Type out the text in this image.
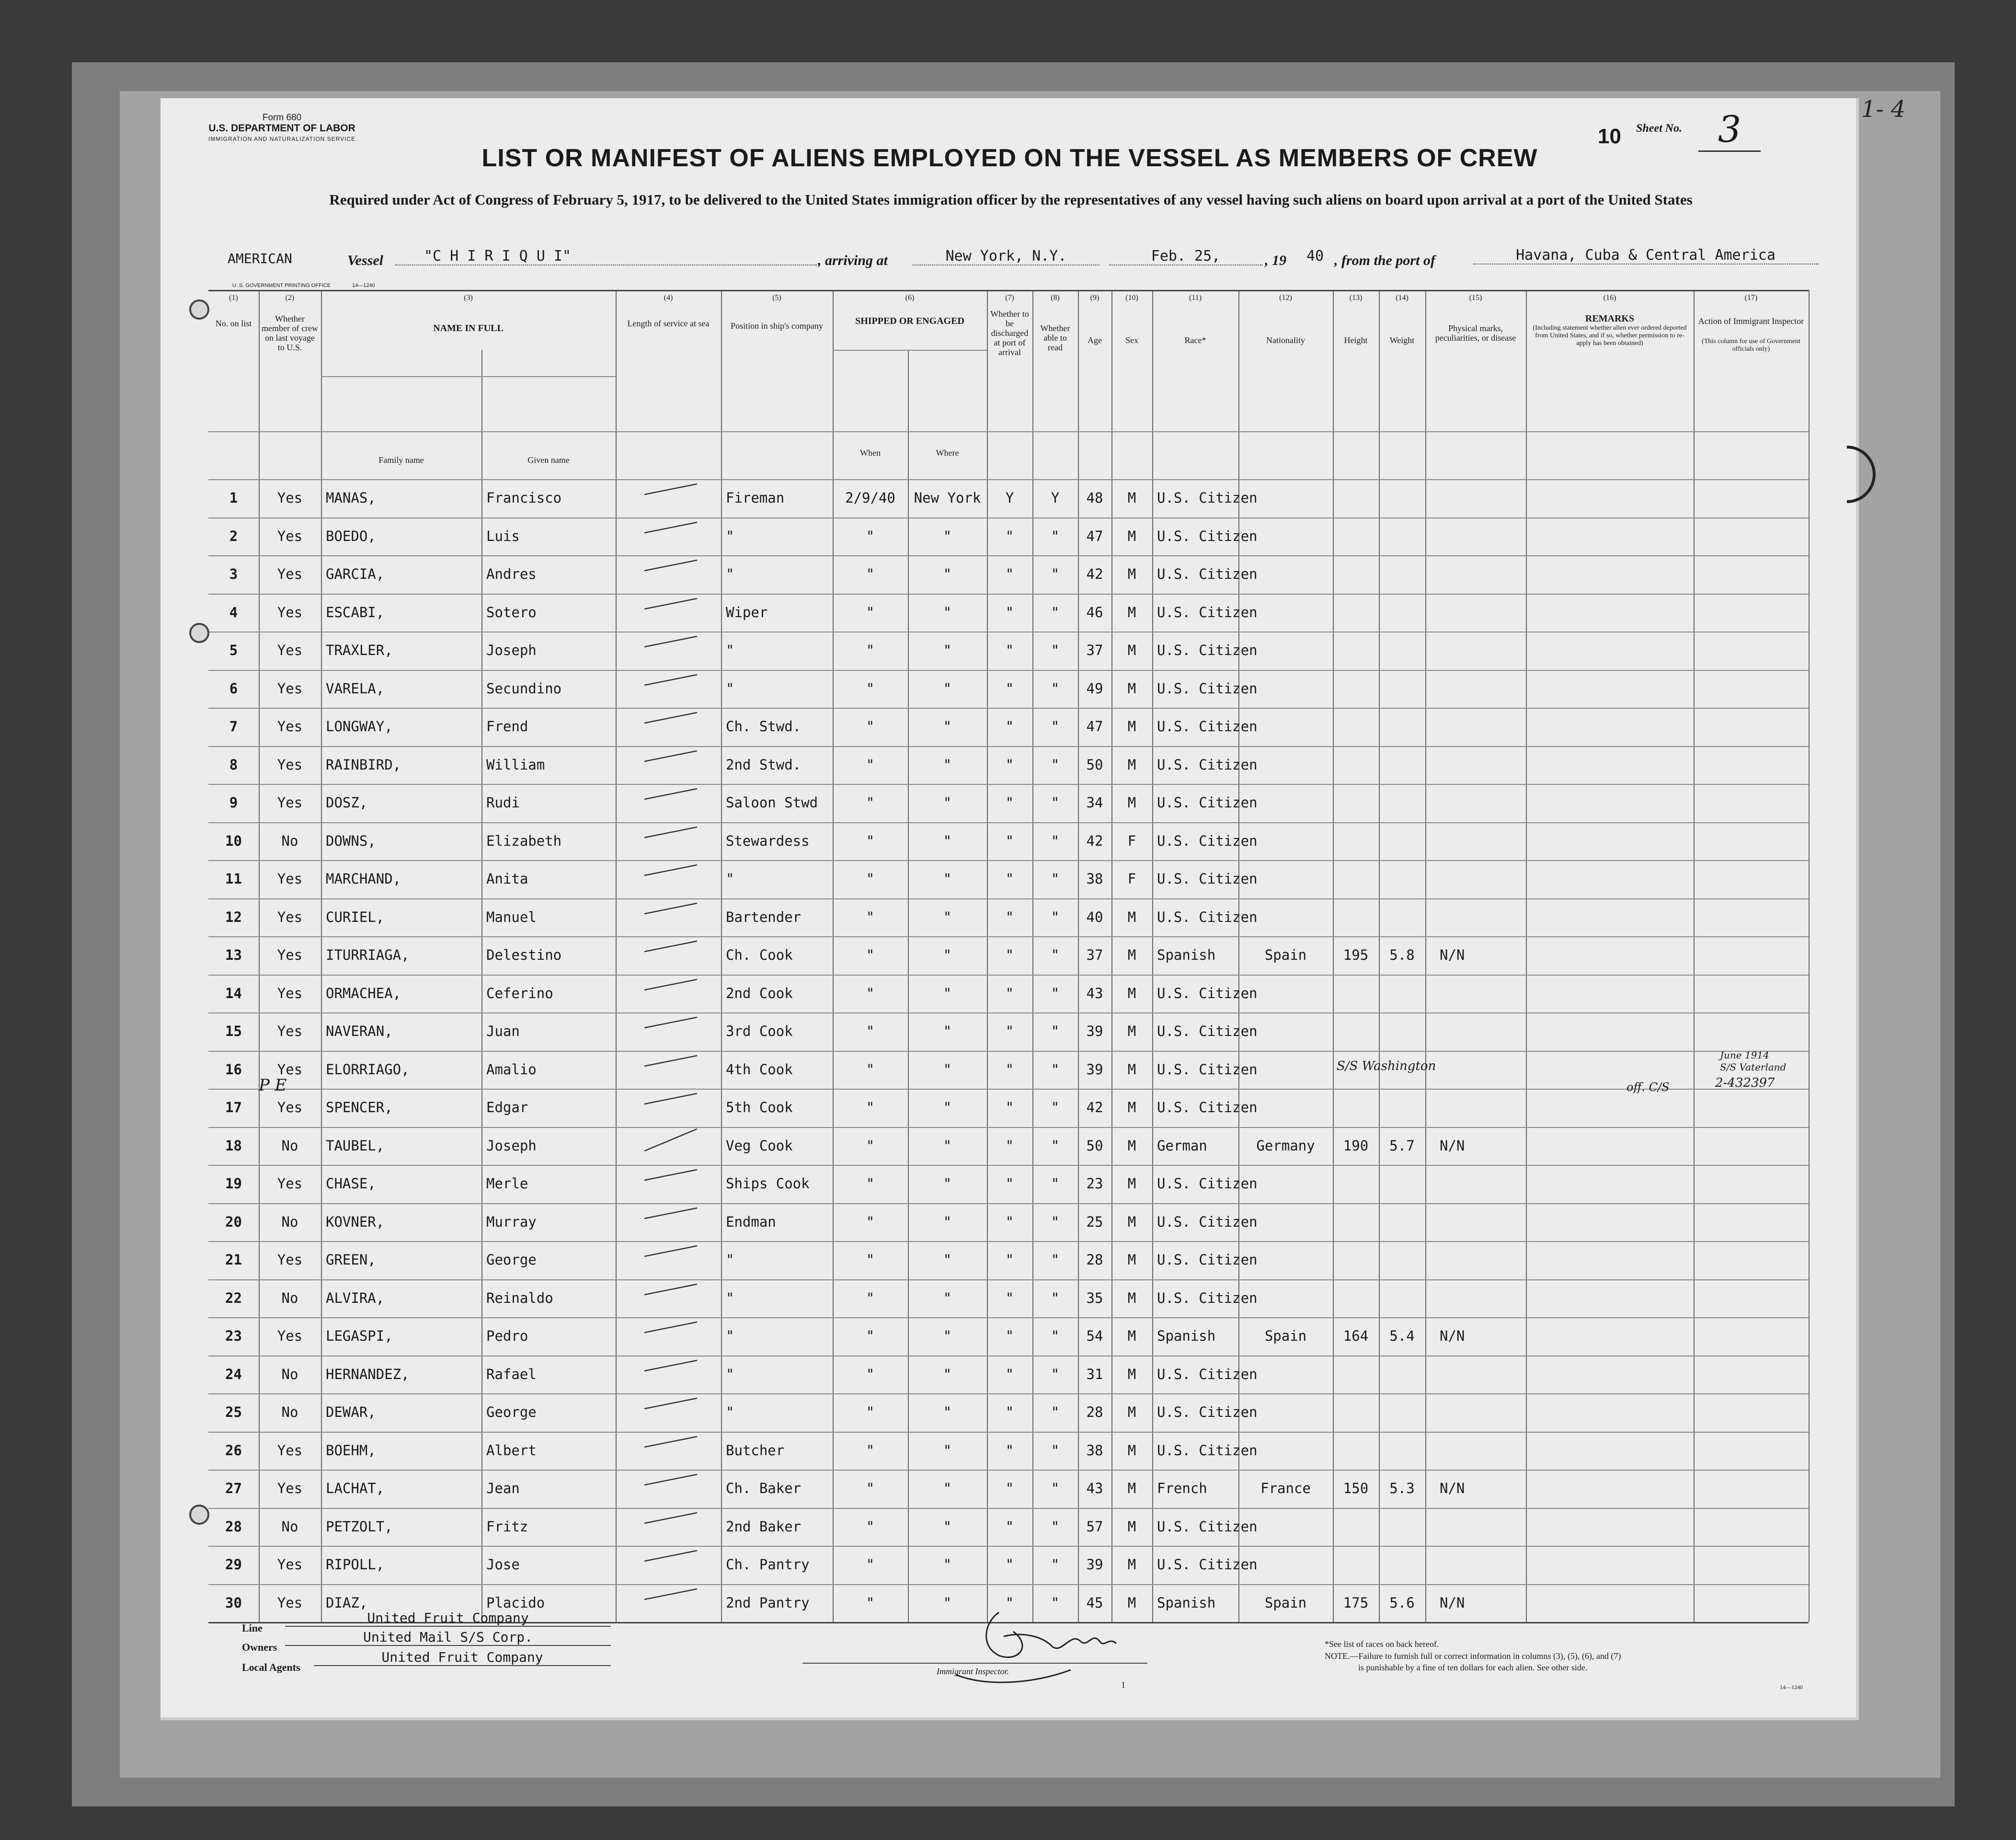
Form 680
U.S. DEPARTMENT OF LABOR
IMMIGRATION AND NATURALIZATION SERVICE	10 Sheet No. 3	1- 4
LIST OR MANIFEST OF ALIENS EMPLOYED ON THE VESSEL AS MEMBERS OF CREW
Required under Act of Congress of February 5, 1917, to be delivered to the United States immigration officer by the representatives of any vessel having such aliens on board upon arrival at a port of the United States
AMERICAN	Vessel	"C H I R I Q U I"	, arriving at	New York, N.Y.	Feb. 25,	, 19 40 , from the port of	Havana, Cuba & Central America
U. S. GOVERNMENT PRINTING OFFICE	14—1240
(1)	(2)	(3)	(4)	(5)	(6)	(7)	(8)	(9)	(10)	(11)	(12)	(13)	(14)	(15)	(16)	(17)
No. on list	Whether member of crew on last voyage to U.S.
NAME IN FULL
Family name	Given name
Length of service at sea	Position in ship's company	SHIPPED OR ENGAGED
When	Where
Whether to be discharged at port of arrival
Whether able to read
Age	Sex	Race*	Nationality	Height	Weight
Physical marks, peculiarities, or disease
REMARKS
(Including statement whether alien ever ordered deported from United States, and if so, whether permission to re-apply has been obtained)
Action of Immigrant Inspector
(This column for use of Government officials only)
1	Yes	MANAS,	Francisco	Fireman	2/9/40	New York	Y	Y	48	M	U.S. Citizen
2	Yes	BOEDO,	Luis	"	"	"	"	"	47	M	U.S. Citizen
3	Yes	GARCIA,	Andres	"	"	"	"	"	42	M	U.S. Citizen
4	Yes	ESCABI,	Sotero	Wiper	"	"	"	"	46	M	U.S. Citizen
5	Yes	TRAXLER,	Joseph	"	"	"	"	"	37	M	U.S. Citizen
6	Yes	VARELA,	Secundino	"	"	"	"	"	49	M	U.S. Citizen
7	Yes	LONGWAY,	Frend	Ch. Stwd.	"	"	"	"	47	M	U.S. Citizen
8	Yes	RAINBIRD,	William	2nd Stwd.	"	"	"	"	50	M	U.S. Citizen
9	Yes	DOSZ,	Rudi	Saloon Stwd	"	"	"	"	34	M	U.S. Citizen
10	No	DOWNS,	Elizabeth	Stewardess	"	"	"	"	42	F	U.S. Citizen
11	Yes	MARCHAND,	Anita	"	"	"	"	"	38	F	U.S. Citizen
12	Yes	CURIEL,	Manuel	Bartender	"	"	"	"	40	M	U.S. Citizen
13	Yes	ITURRIAGA,	Delestino	Ch. Cook	"	"	"	"	37	M	Spanish	Spain	195	5.8	N/N
14	Yes	ORMACHEA,	Ceferino	2nd Cook	"	"	"	"	43	M	U.S. Citizen
15	Yes	NAVERAN,	Juan	3rd Cook	"	"	"	"	39	M	U.S. Citizen
16	Yes	ELORRIAGO,	Amalio	4th Cook	"	"	"	"	39	M	U.S. Citizen
17	Yes	SPENCER,	Edgar	5th Cook	"	"	"	"	42	M	U.S. Citizen
18	No	TAUBEL,	Joseph	Veg Cook	"	"	"	"	50	M	German	Germany	190	5.7	N/N
19	Yes	CHASE,	Merle	Ships Cook	"	"	"	"	23	M	U.S. Citizen
20	No	KOVNER,	Murray	Endman	"	"	"	"	25	M	U.S. Citizen
21	Yes	GREEN,	George	"	"	"	"	"	28	M	U.S. Citizen
22	No	ALVIRA,	Reinaldo	"	"	"	"	"	35	M	U.S. Citizen
23	Yes	LEGASPI,	Pedro	"	"	"	"	"	54	M	Spanish	Spain	164	5.4	N/N
24	No	HERNANDEZ,	Rafael	"	"	"	"	"	31	M	U.S. Citizen
25	No	DEWAR,	George	"	"	"	"	"	28	M	U.S. Citizen
26	Yes	BOEHM,	Albert	Butcher	"	"	"	"	38	M	U.S. Citizen
27	Yes	LACHAT,	Jean	Ch. Baker	"	"	"	"	43	M	French	France	150	5.3	N/N
28	No	PETZOLT,	Fritz	2nd Baker	"	"	"	"	57	M	U.S. Citizen
29	Yes	RIPOLL,	Jose	Ch. Pantry	"	"	"	"	39	M	U.S. Citizen
30	Yes	DIAZ,	Placido	2nd Pantry	"	"	"	"	45	M	Spanish	Spain	175	5.6	N/N
P E
S/S Washington
off. C/S
June 1914
S/S Vaterland
2-432397
Line
United Fruit Company
Owners
United Mail S/S Corp.
Local Agents
United Fruit Company
Immigrant Inspector.
1
*See list of races on back hereof.
NOTE.—Failure to furnish full or correct information in columns (3), (5), (6), and (7)
is punishable by a fine of ten dollars for each alien. See other side.
14—1240
